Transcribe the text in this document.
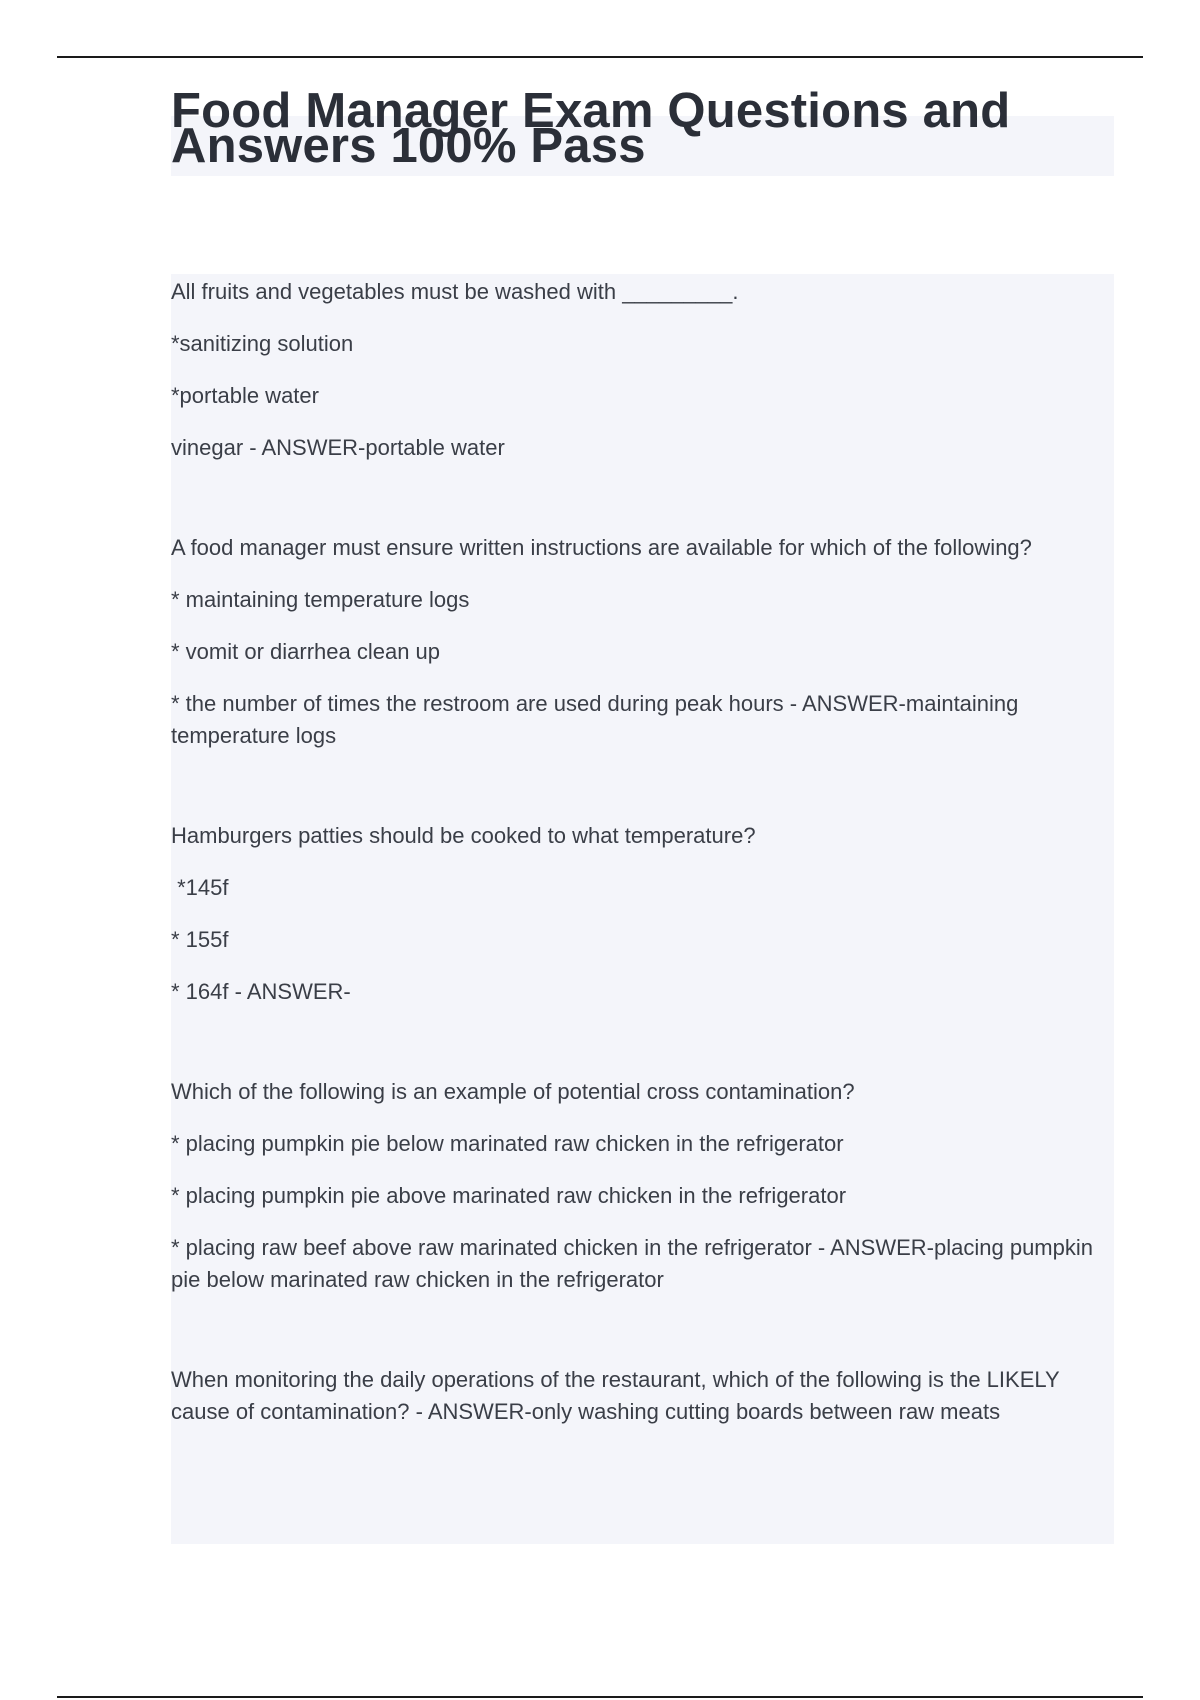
Food Manager Exam Questions and Answers 100% Pass

All fruits and vegetables must be washed with _________.

*sanitizing solution

*portable water

vinegar - ANSWER-portable water

A food manager must ensure written instructions are available for which of the following?

* maintaining temperature logs

* vomit or diarrhea clean up

* the number of times the restroom are used during peak hours - ANSWER-maintaining temperature logs

Hamburgers patties should be cooked to what temperature?

*145f

* 155f

* 164f - ANSWER-

Which of the following is an example of potential cross contamination?

* placing pumpkin pie below marinated raw chicken in the refrigerator

* placing pumpkin pie above marinated raw chicken in the refrigerator

* placing raw beef above raw marinated chicken in the refrigerator - ANSWER-placing pumpkin pie below marinated raw chicken in the refrigerator

When monitoring the daily operations of the restaurant, which of the following is the LIKELY cause of contamination? - ANSWER-only washing cutting boards between raw meats
